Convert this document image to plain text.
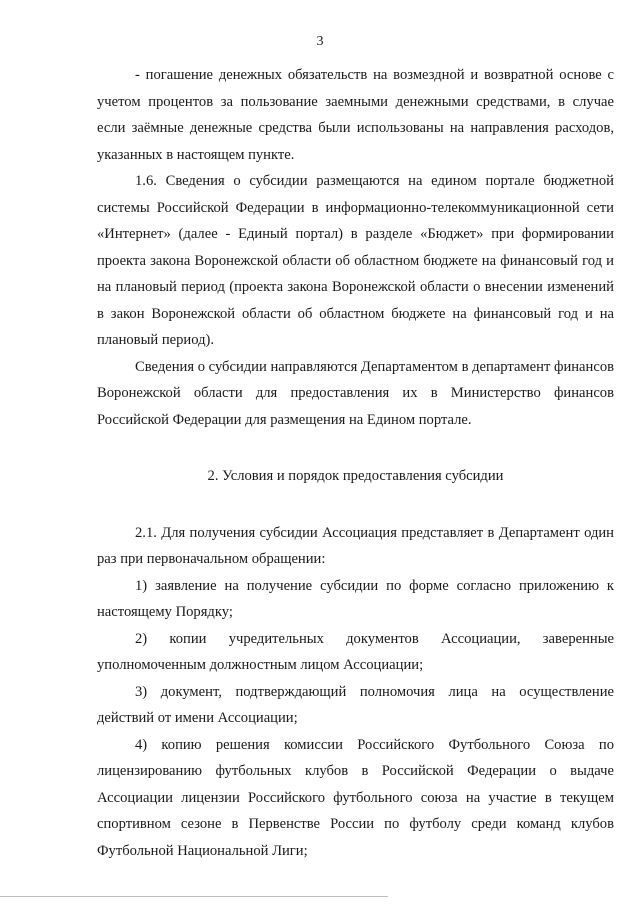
3

- погашение денежных обязательств на возмездной и возвратной основе с учетом процентов за пользование заемными денежными средствами, в случае если заёмные денежные средства были использованы на направления расходов, указанных в настоящем пункте.

1.6. Сведения о субсидии размещаются на едином портале бюджетной системы Российской Федерации в информационно-телекоммуникационной сети «Интернет» (далее - Единый портал) в разделе «Бюджет» при формировании проекта закона Воронежской области об областном бюджете на финансовый год и на плановый период (проекта закона Воронежской области о внесении изменений в закон Воронежской области об областном бюджете на финансовый год и на плановый период).

Сведения о субсидии направляются Департаментом в департамент финансов Воронежской области для предоставления их в Министерство финансов Российской Федерации для размещения на Едином портале.

2. Условия и порядок предоставления субсидии

2.1. Для получения субсидии Ассоциация представляет в Департамент один раз при первоначальном обращении:

1) заявление на получение субсидии по форме согласно приложению к настоящему Порядку;

2) копии учредительных документов Ассоциации, заверенные уполномоченным должностным лицом Ассоциации;

3) документ, подтверждающий полномочия лица на осуществление действий от имени Ассоциации;

4) копию решения комиссии Российского Футбольного Союза по лицензированию футбольных клубов в Российской Федерации о выдаче Ассоциации лицензии Российского футбольного союза на участие в текущем спортивном сезоне в Первенстве России по футболу среди команд клубов Футбольной Национальной Лиги;
